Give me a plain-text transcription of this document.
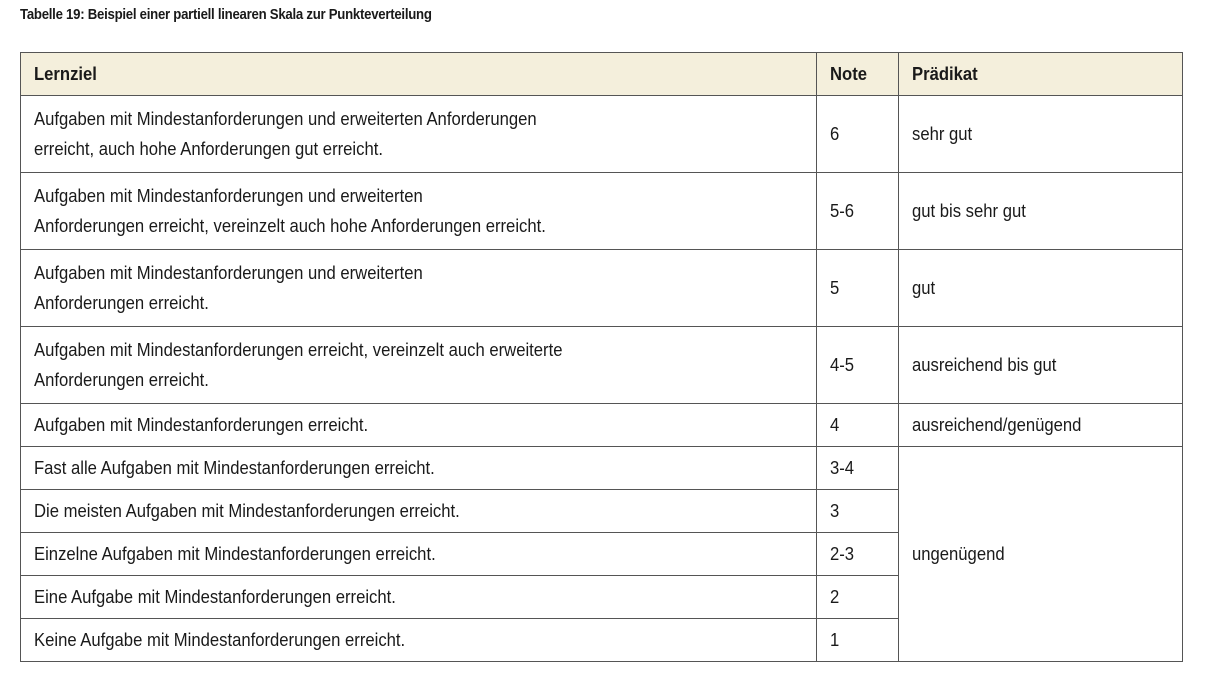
Tabelle 19: Beispiel einer partiell linearen Skala zur Punkteverteilung
Lernziel	Note	Prädikat
Aufgaben mit Mindestanforderungen und erweiterten Anforderungen
erreicht, auch hohe Anforderungen gut erreicht.	6	sehr gut
Aufgaben mit Mindestanforderungen und erweiterten
Anforderungen erreicht, vereinzelt auch hohe Anforderungen erreicht.	5-6	gut bis sehr gut
Aufgaben mit Mindestanforderungen und erweiterten
Anforderungen erreicht.	5	gut
Aufgaben mit Mindestanforderungen erreicht, vereinzelt auch erweiterte
Anforderungen erreicht.	4-5	ausreichend bis gut
Aufgaben mit Mindestanforderungen erreicht.	4	ausreichend/genügend
Fast alle Aufgaben mit Mindestanforderungen erreicht.	3-4	ungenügend
Die meisten Aufgaben mit Mindestanforderungen erreicht.	3	
Einzelne Aufgaben mit Mindestanforderungen erreicht.	2-3	
Eine Aufgabe mit Mindestanforderungen erreicht.	2	
Keine Aufgabe mit Mindestanforderungen erreicht.	1	
